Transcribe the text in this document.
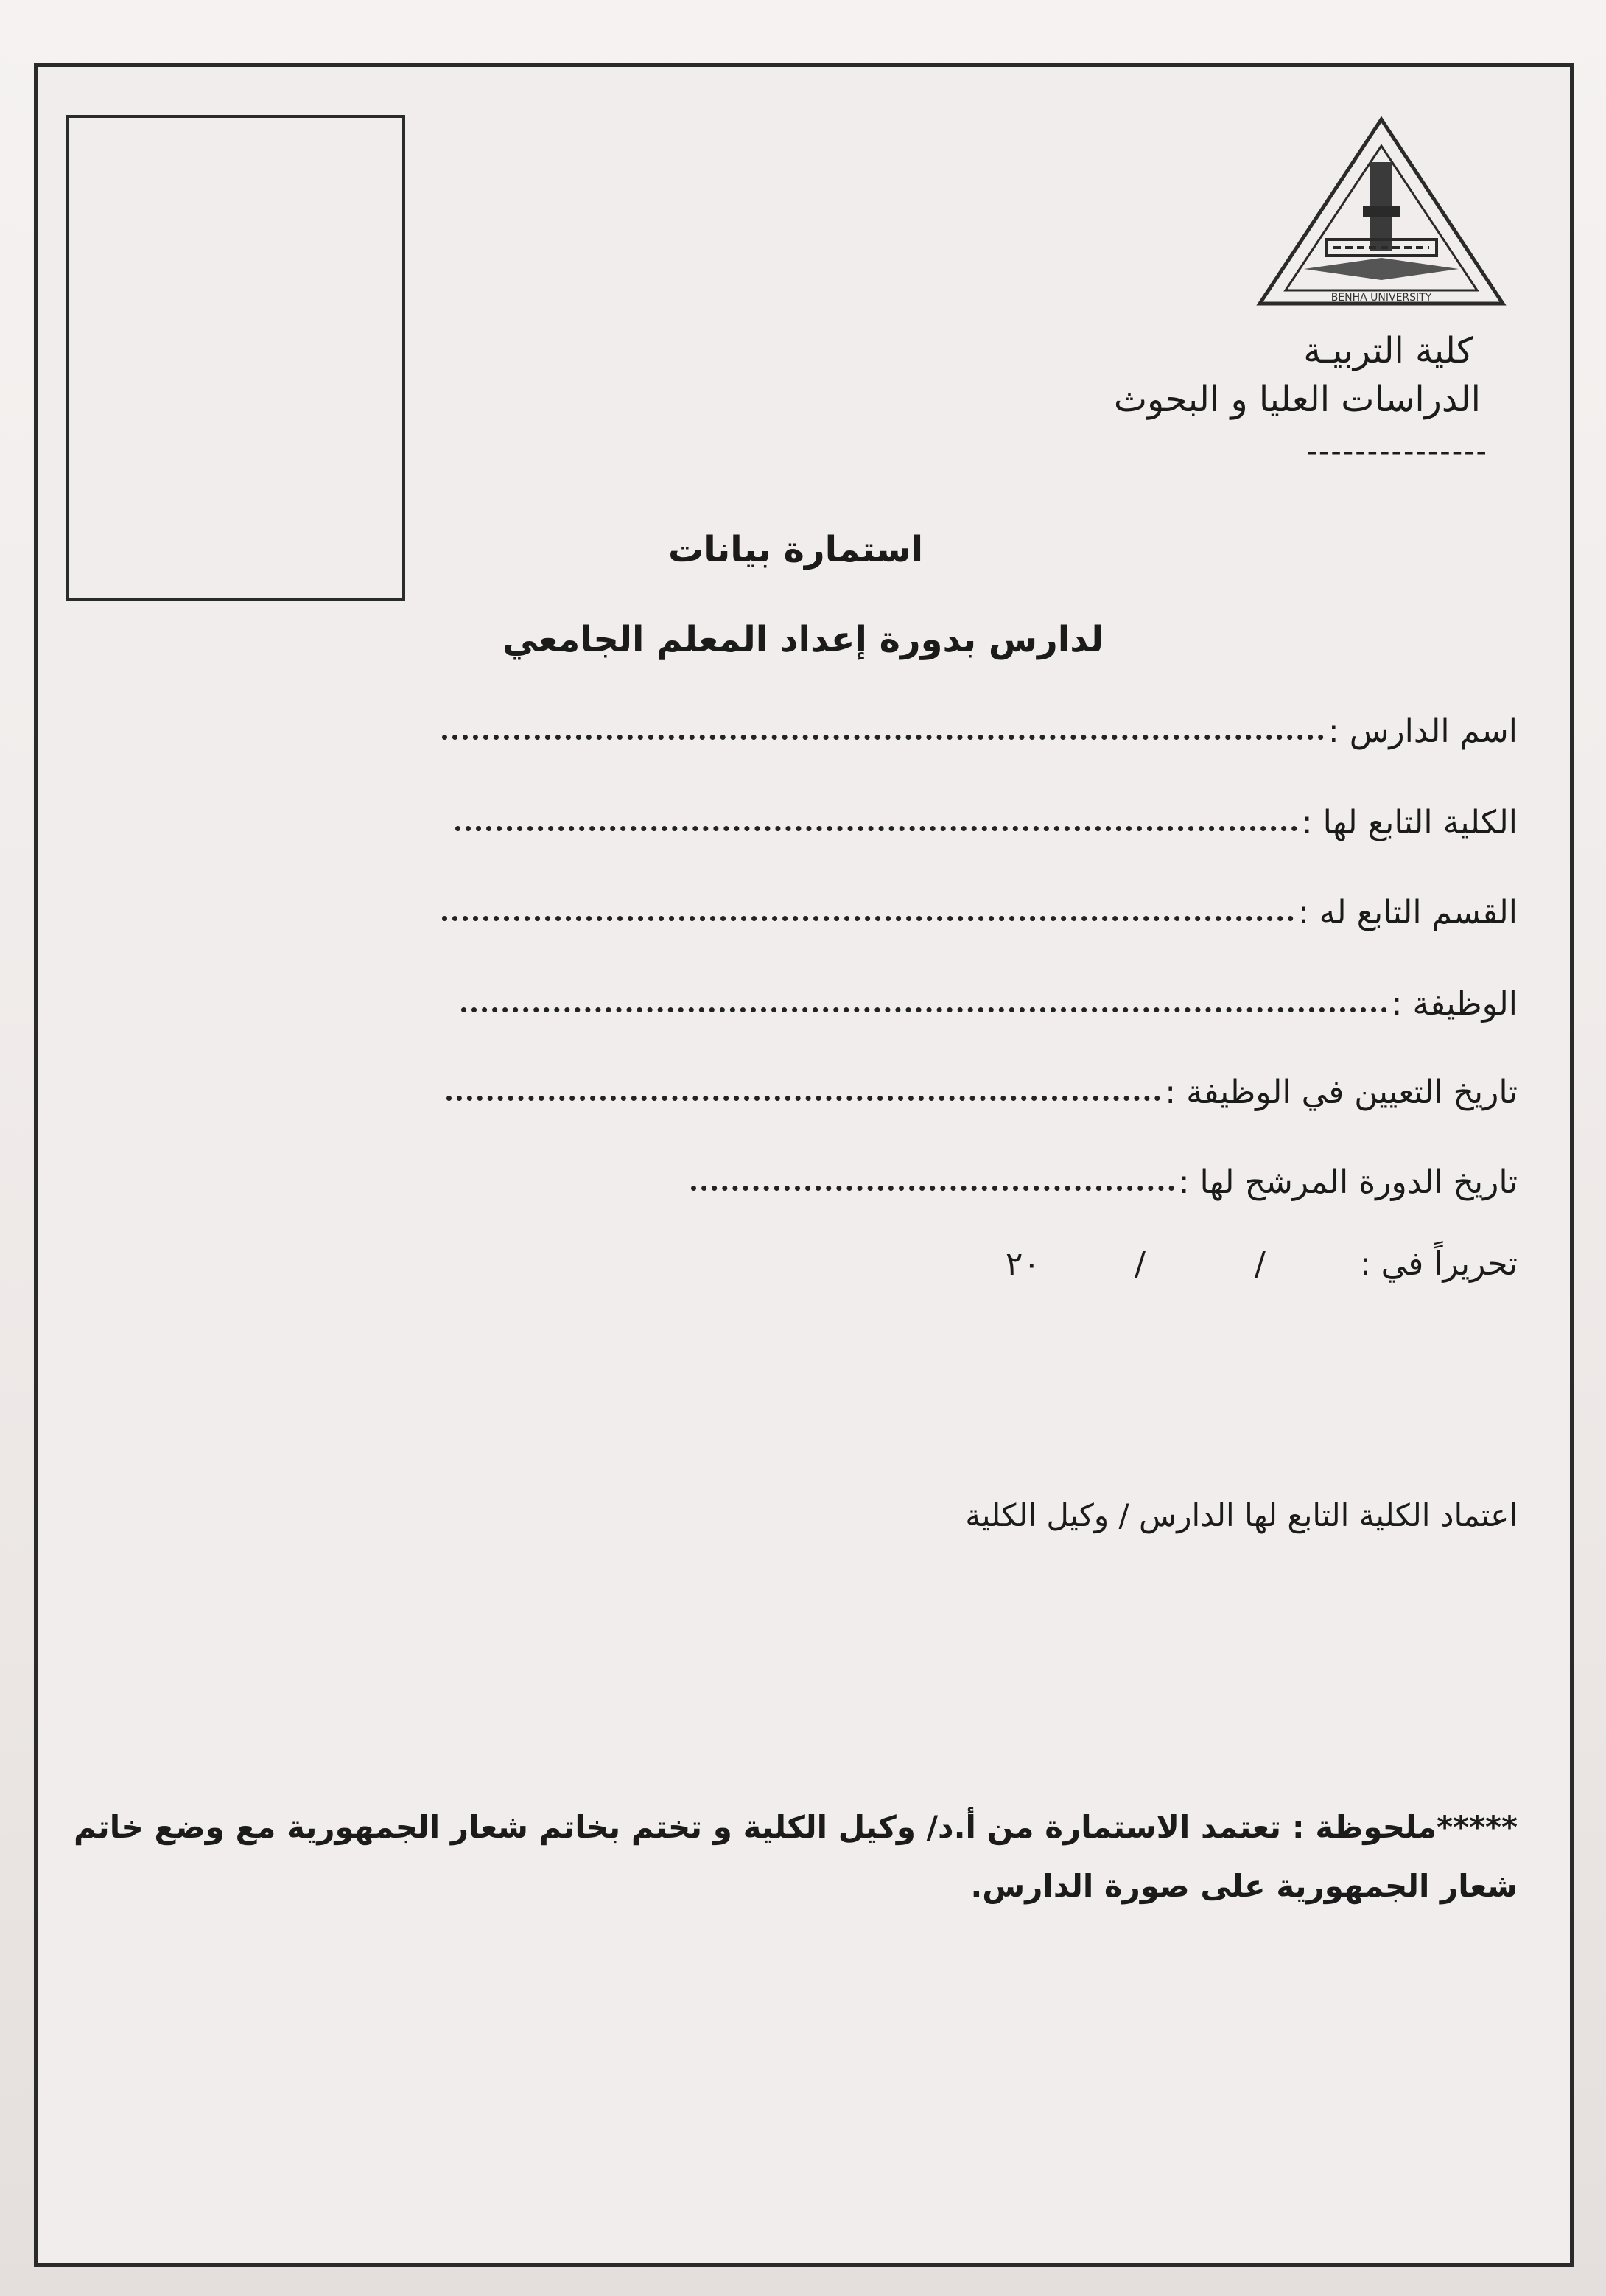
BENHA UNIVERSITY
كلية التربيـة
الدراسات العليا و البحوث
---------------
استمارة بيانات
لدارس بدورة إعداد المعلم الجامعي
اسم الدارس :
الكلية التابع لها :
القسم التابع له :
الوظيفة :
تاريخ التعيين في الوظيفة :
تاريخ الدورة المرشح لها :
تحريراً في :  /  /  ٢٠
اعتماد الكلية التابع لها الدارس / وكيل الكلية
*****ملحوظة : تعتمد الاستمارة من أ.د/ وكيل الكلية و تختم بخاتم شعار الجمهورية مع وضع خاتم شعار الجمهورية على صورة الدارس.
